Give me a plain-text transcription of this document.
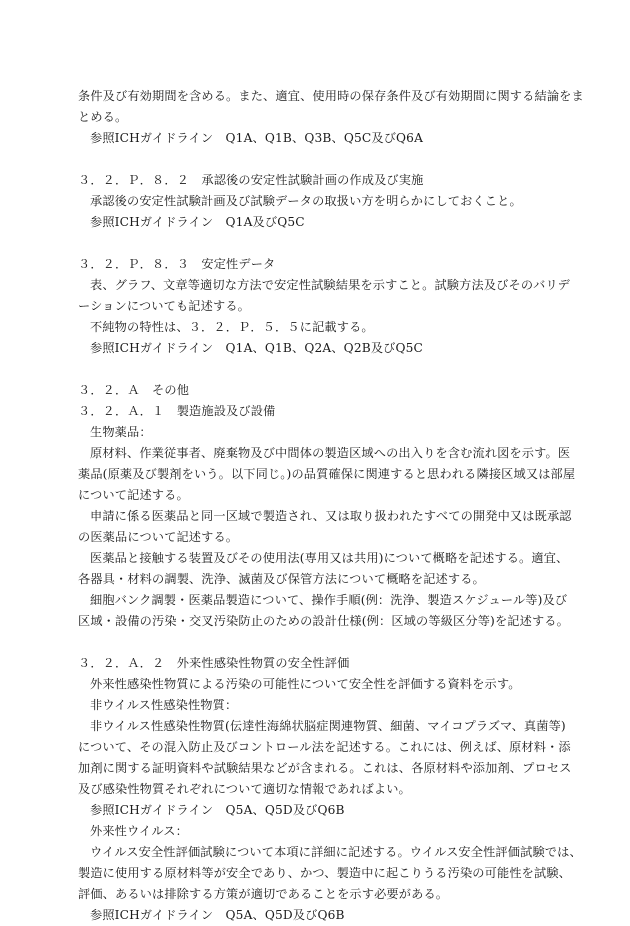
条件及び有効期間を含める。また、適宜、使用時の保存条件及び有効期間に関する結論をま
とめる。
参照ICHガイドライン　Q1A、Q1B、Q3B、Q5C及びQ6A
３．２．Ｐ．８．２　承認後の安定性試験計画の作成及び実施
承認後の安定性試験計画及び試験データの取扱い方を明らかにしておくこと。
参照ICHガイドライン　Q1A及びQ5C
３．２．Ｐ．８．３　安定性データ
表、グラフ、文章等適切な方法で安定性試験結果を示すこと。試験方法及びそのバリデ
ーションについても記述する。
不純物の特性は、３．２．Ｐ．５．５に記載する。
参照ICHガイドライン　Q1A、Q1B、Q2A、Q2B及びQ5C
３．２．Ａ　その他
３．２．Ａ．１　製造施設及び設備
生物薬品：
原材料、作業従事者、廃棄物及び中間体の製造区域への出入りを含む流れ図を示す。医
薬品(原薬及び製剤をいう。以下同じ。)の品質確保に関連すると思われる隣接区域又は部屋
について記述する。
申請に係る医薬品と同一区域で製造され、又は取り扱われたすべての開発中又は既承認
の医薬品について記述する。
医薬品と接触する装置及びその使用法(専用又は共用)について概略を記述する。適宜、
各器具・材料の調製、洗浄、滅菌及び保管方法について概略を記述する。
細胞バンク調製・医薬品製造について、操作手順(例：洗浄、製造スケジュール等)及び
区域・設備の汚染・交叉汚染防止のための設計仕様(例：区域の等級区分等)を記述する。
３．２．Ａ．２　外来性感染性物質の安全性評価
外来性感染性物質による汚染の可能性について安全性を評価する資料を示す。
非ウイルス性感染性物質：
非ウイルス性感染性物質(伝達性海綿状脳症関連物質、細菌、マイコプラズマ、真菌等)
について、その混入防止及びコントロール法を記述する。これには、例えば、原材料・添
加剤に関する証明資料や試験結果などが含まれる。これは、各原材料や添加剤、プロセス
及び感染性物質それぞれについて適切な情報であればよい。
参照ICHガイドライン　Q5A、Q5D及びQ6B
外来性ウイルス：
ウイルス安全性評価試験について本項に詳細に記述する。ウイルス安全性評価試験では、
製造に使用する原材料等が安全であり、かつ、製造中に起こりうる汚染の可能性を試験、
評価、あるいは排除する方策が適切であることを示す必要がある。
参照ICHガイドライン　Q5A、Q5D及びQ6B
